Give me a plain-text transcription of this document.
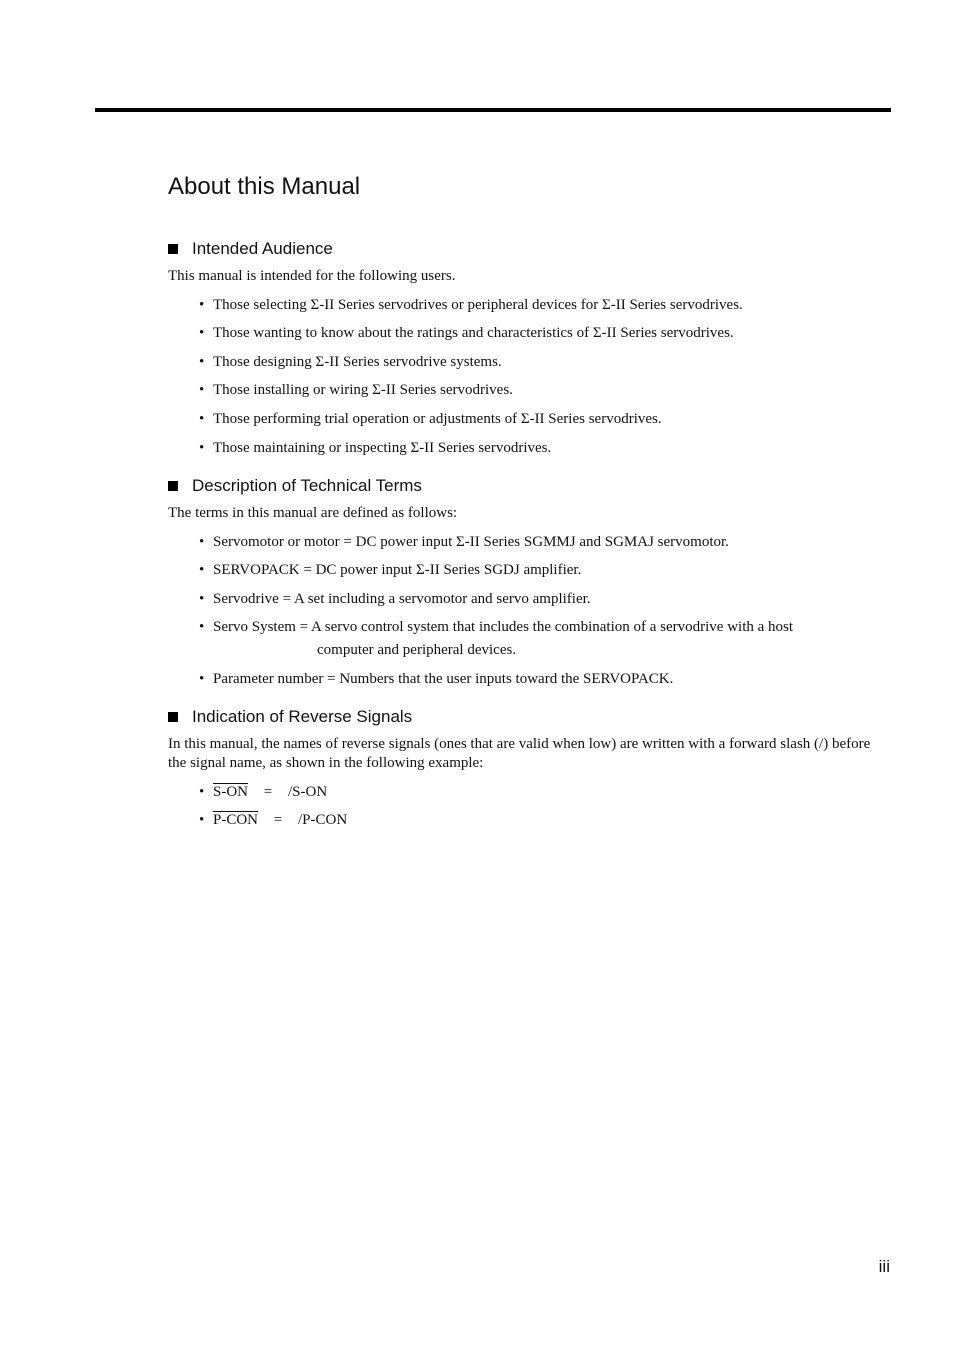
About this Manual
Intended Audience
This manual is intended for the following users.
• Those selecting Σ-II Series servodrives or peripheral devices for Σ-II Series servodrives.
• Those wanting to know about the ratings and characteristics of Σ-II Series servodrives.
• Those designing Σ-II Series servodrive systems.
• Those installing or wiring Σ-II Series servodrives.
• Those performing trial operation or adjustments of Σ-II Series servodrives.
• Those maintaining or inspecting Σ-II Series servodrives.
Description of Technical Terms
The terms in this manual are defined as follows:
• Servomotor or motor = DC power input Σ-II Series SGMMJ and SGMAJ servomotor.
• SERVOPACK = DC power input Σ-II Series SGDJ amplifier.
• Servodrive = A set including a servomotor and servo amplifier.
• Servo System = A servo control system that includes the combination of a servodrive with a host
computer and peripheral devices.
• Parameter number = Numbers that the user inputs toward the SERVOPACK.
Indication of Reverse Signals
In this manual, the names of reverse signals (ones that are valid when low) are written with a forward slash (/) before the signal name, as shown in the following example:
• S-ON = /S-ON
• P-CON = /P-CON
iii
